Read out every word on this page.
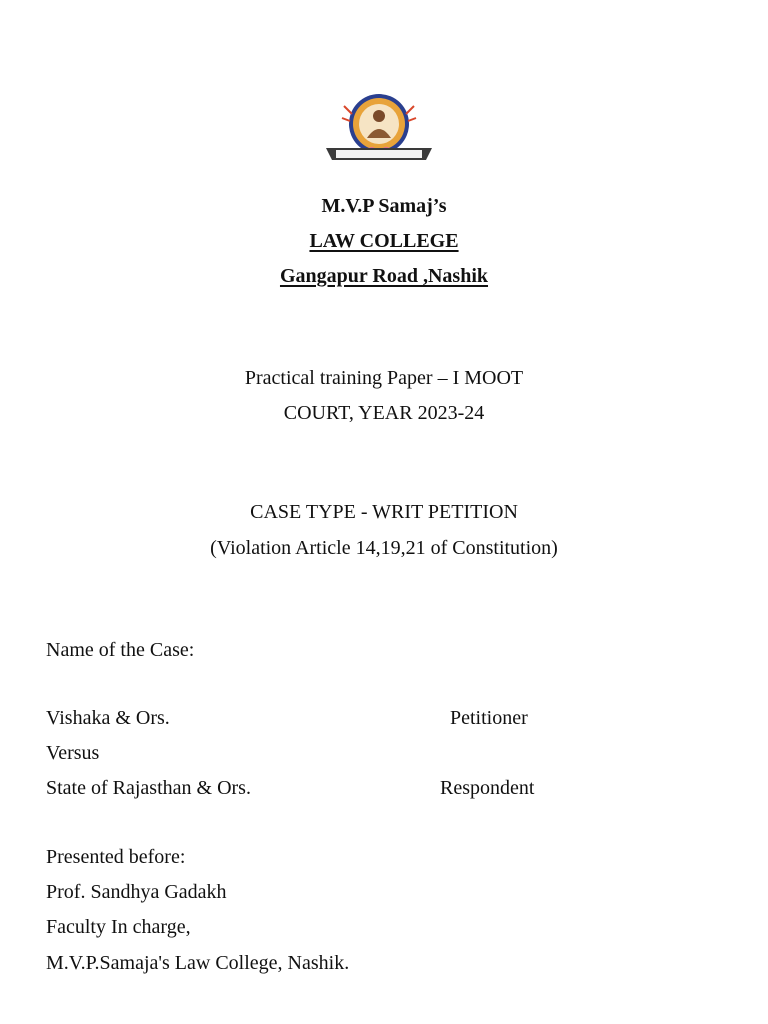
M.V.P Samaj’s
LAW COLLEGE
Gangapur Road ,Nashik
Practical training Paper – I MOOT
COURT, YEAR 2023-24
CASE TYPE - WRIT PETITION
(Violation Article 14,19,21 of Constitution)
Name of the Case:
Vishaka & Ors.	Petitioner
Versus
State of Rajasthan & Ors.	Respondent
Presented before:
Prof. Sandhya Gadakh
Faculty In charge,
M.V.P.Samaja's Law College, Nashik.
